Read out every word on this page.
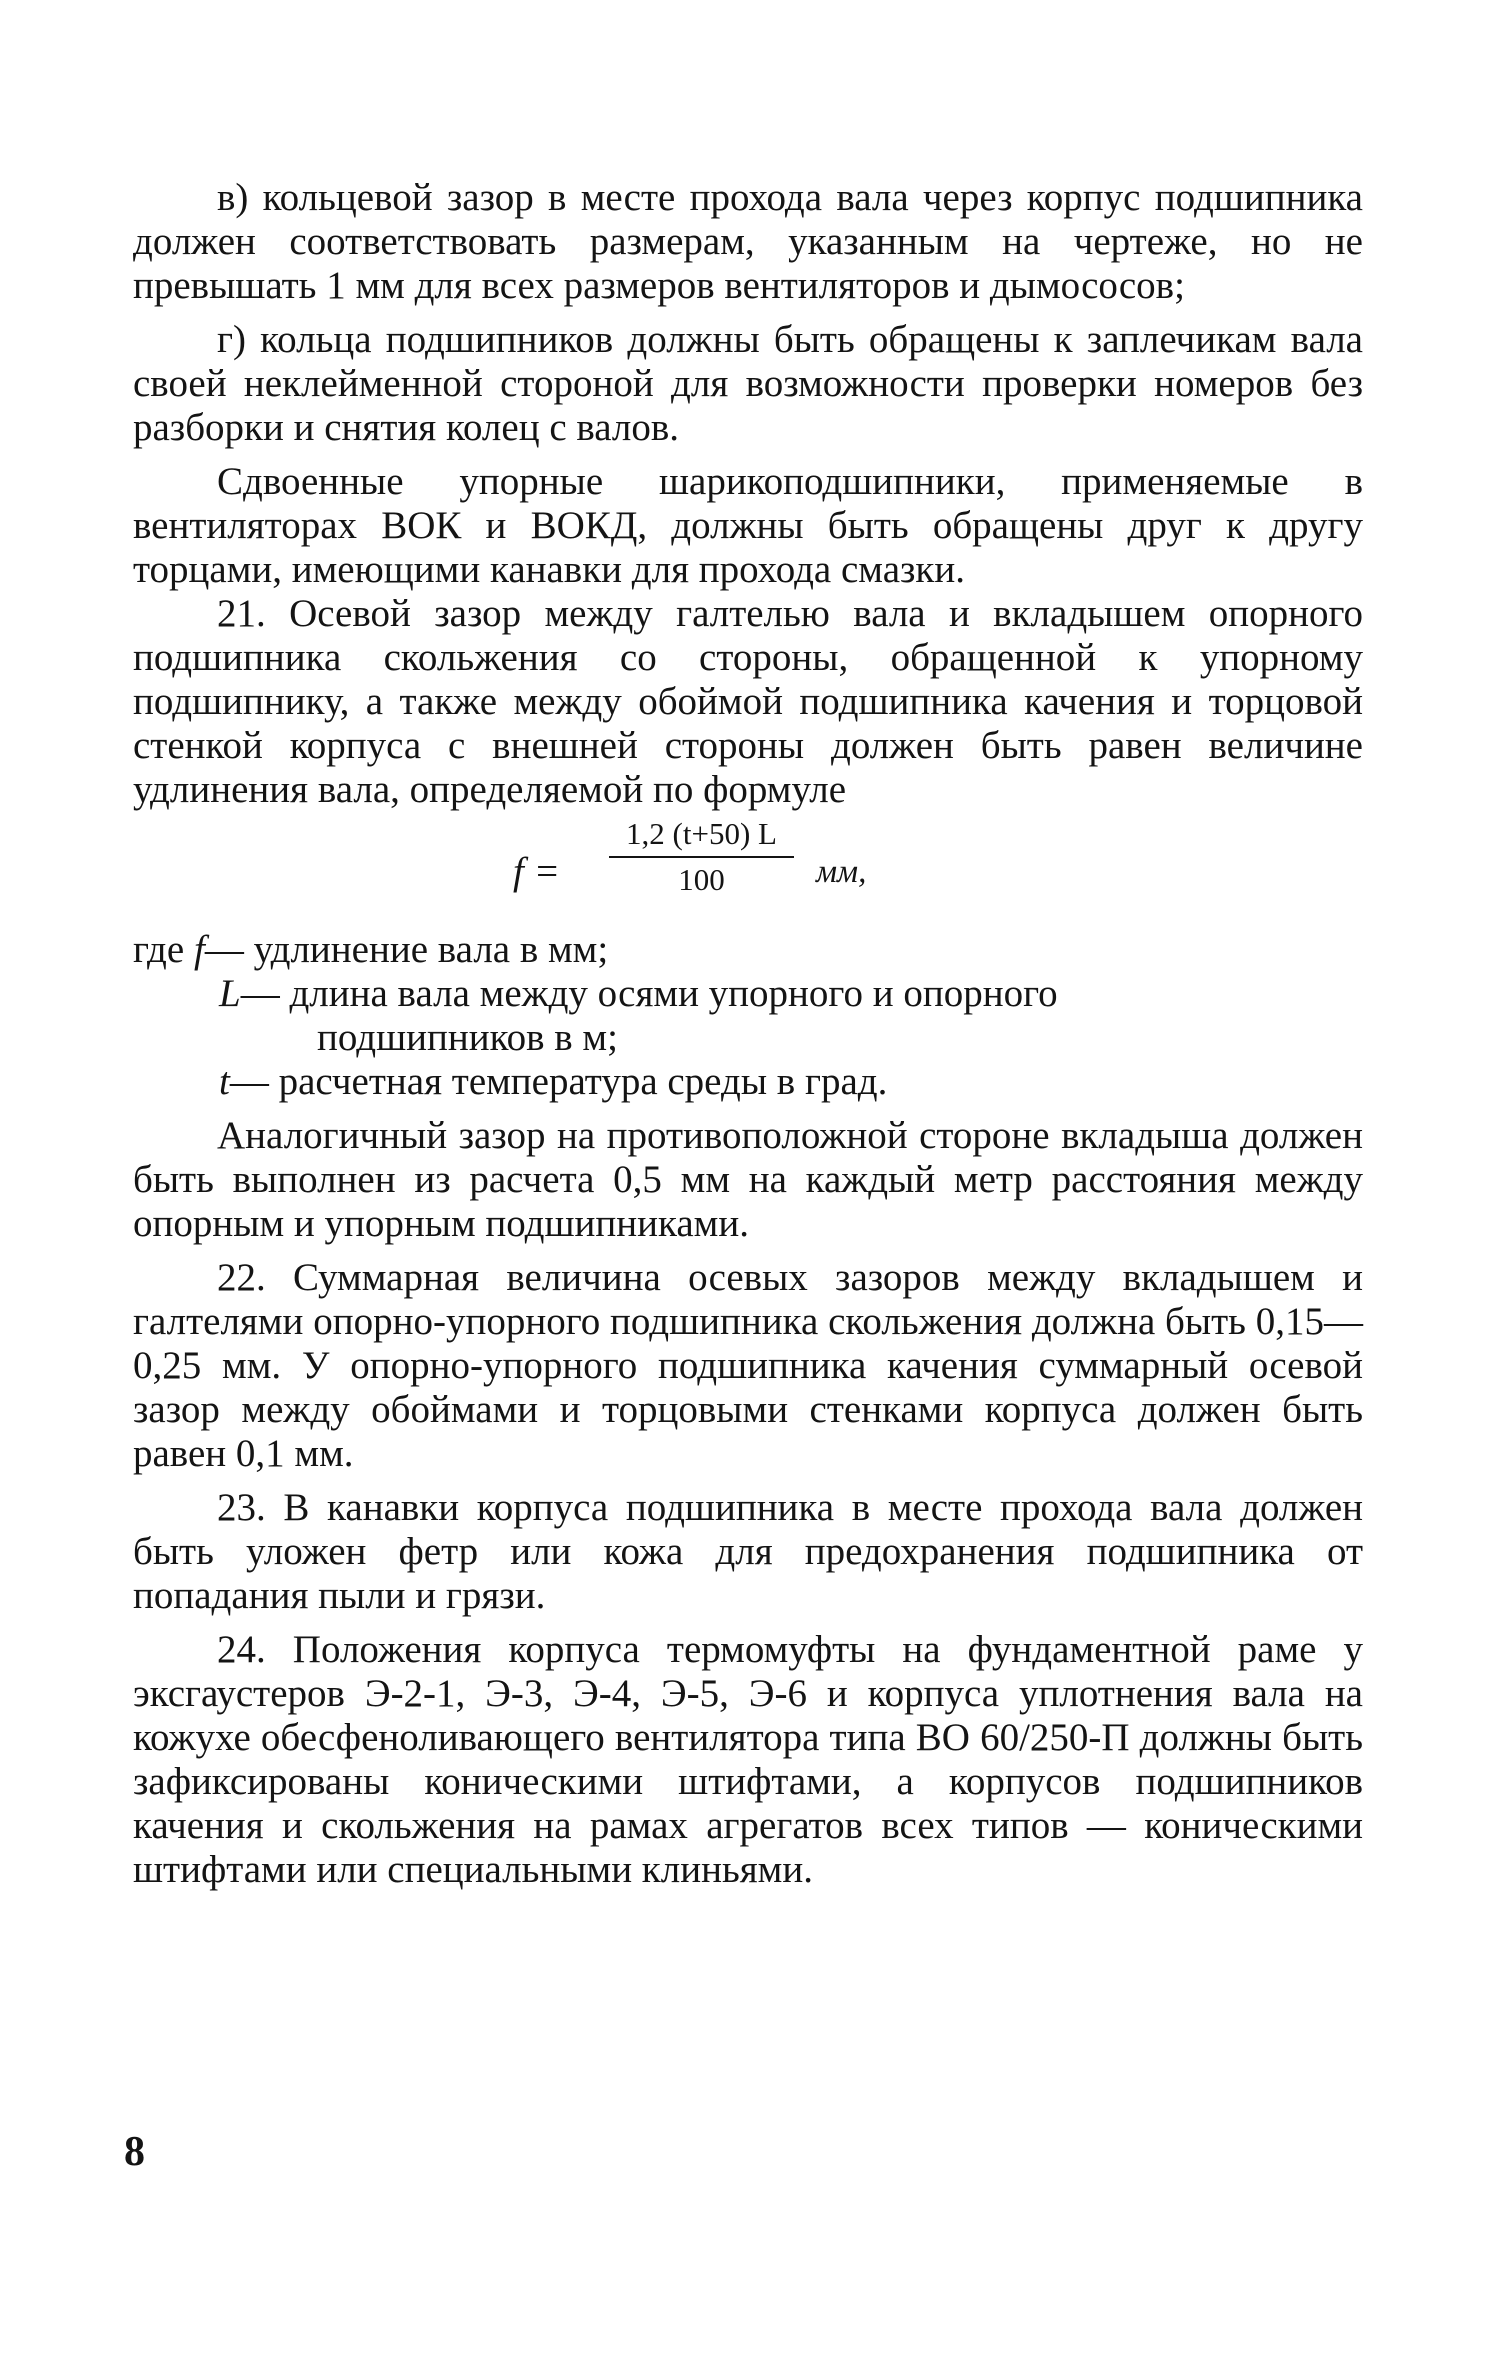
в) кольцевой зазор в месте прохода вала через корпус подшипника должен соответствовать размерам, указанным на чертеже, но не превышать 1 мм для всех размеров вентиляторов и дымососов;

г) кольца подшипников должны быть обращены к заплечикам вала своей неклейменной стороной для возможности проверки номеров без разборки и снятия колец с валов.

Сдвоенные упорные шарикоподшипники, применяемые в вентиляторах ВОК и ВОКД, должны быть обращены друг к другу торцами, имеющими канавки для прохода смазки.

21. Осевой зазор между галтелью вала и вкладышем опорного подшипника скольжения со стороны, обращенной к упорному подшипнику, а также между обоймой подшипника качения и торцовой стенкой корпуса с внешней стороны должен быть равен величине удлинения вала, определяемой по формуле

$f = \frac{1,2 (t+50) L}{100}$ мм,
где
f — удлинение вала в мм;
L — длина вала между осями упорного и опорного
подшипников в м;
t — расчетная температура среды в град.

Аналогичный зазор на противоположной стороне вкладыша должен быть выполнен из расчета 0,5 мм на каждый метр расстояния между опорным и упорным подшипниками.

22. Суммарная величина осевых зазоров между вкладышем и галтелями опорно-упорного подшипника скольжения должна быть 0,15—0,25 мм. У опорно-упорного подшипника качения суммарный осевой зазор между обоймами и торцовыми стенками корпуса должен быть равен 0,1 мм.

23. В канавки корпуса подшипника в месте прохода вала должен быть уложен фетр или кожа для предохранения подшипника от попадания пыли и грязи.

24. Положения корпуса термомуфты на фундаментной раме у эксгаустеров Э-2-1, Э-3, Э-4, Э-5, Э-6 и корпуса уплотнения вала на кожухе обесфеноливающего вентилятора типа ВО 60/250-П должны быть зафиксированы коническими штифтами, а корпусов подшипников качения и скольжения на рамах агрегатов всех типов — коническими штифтами или специальными клиньями.

8
